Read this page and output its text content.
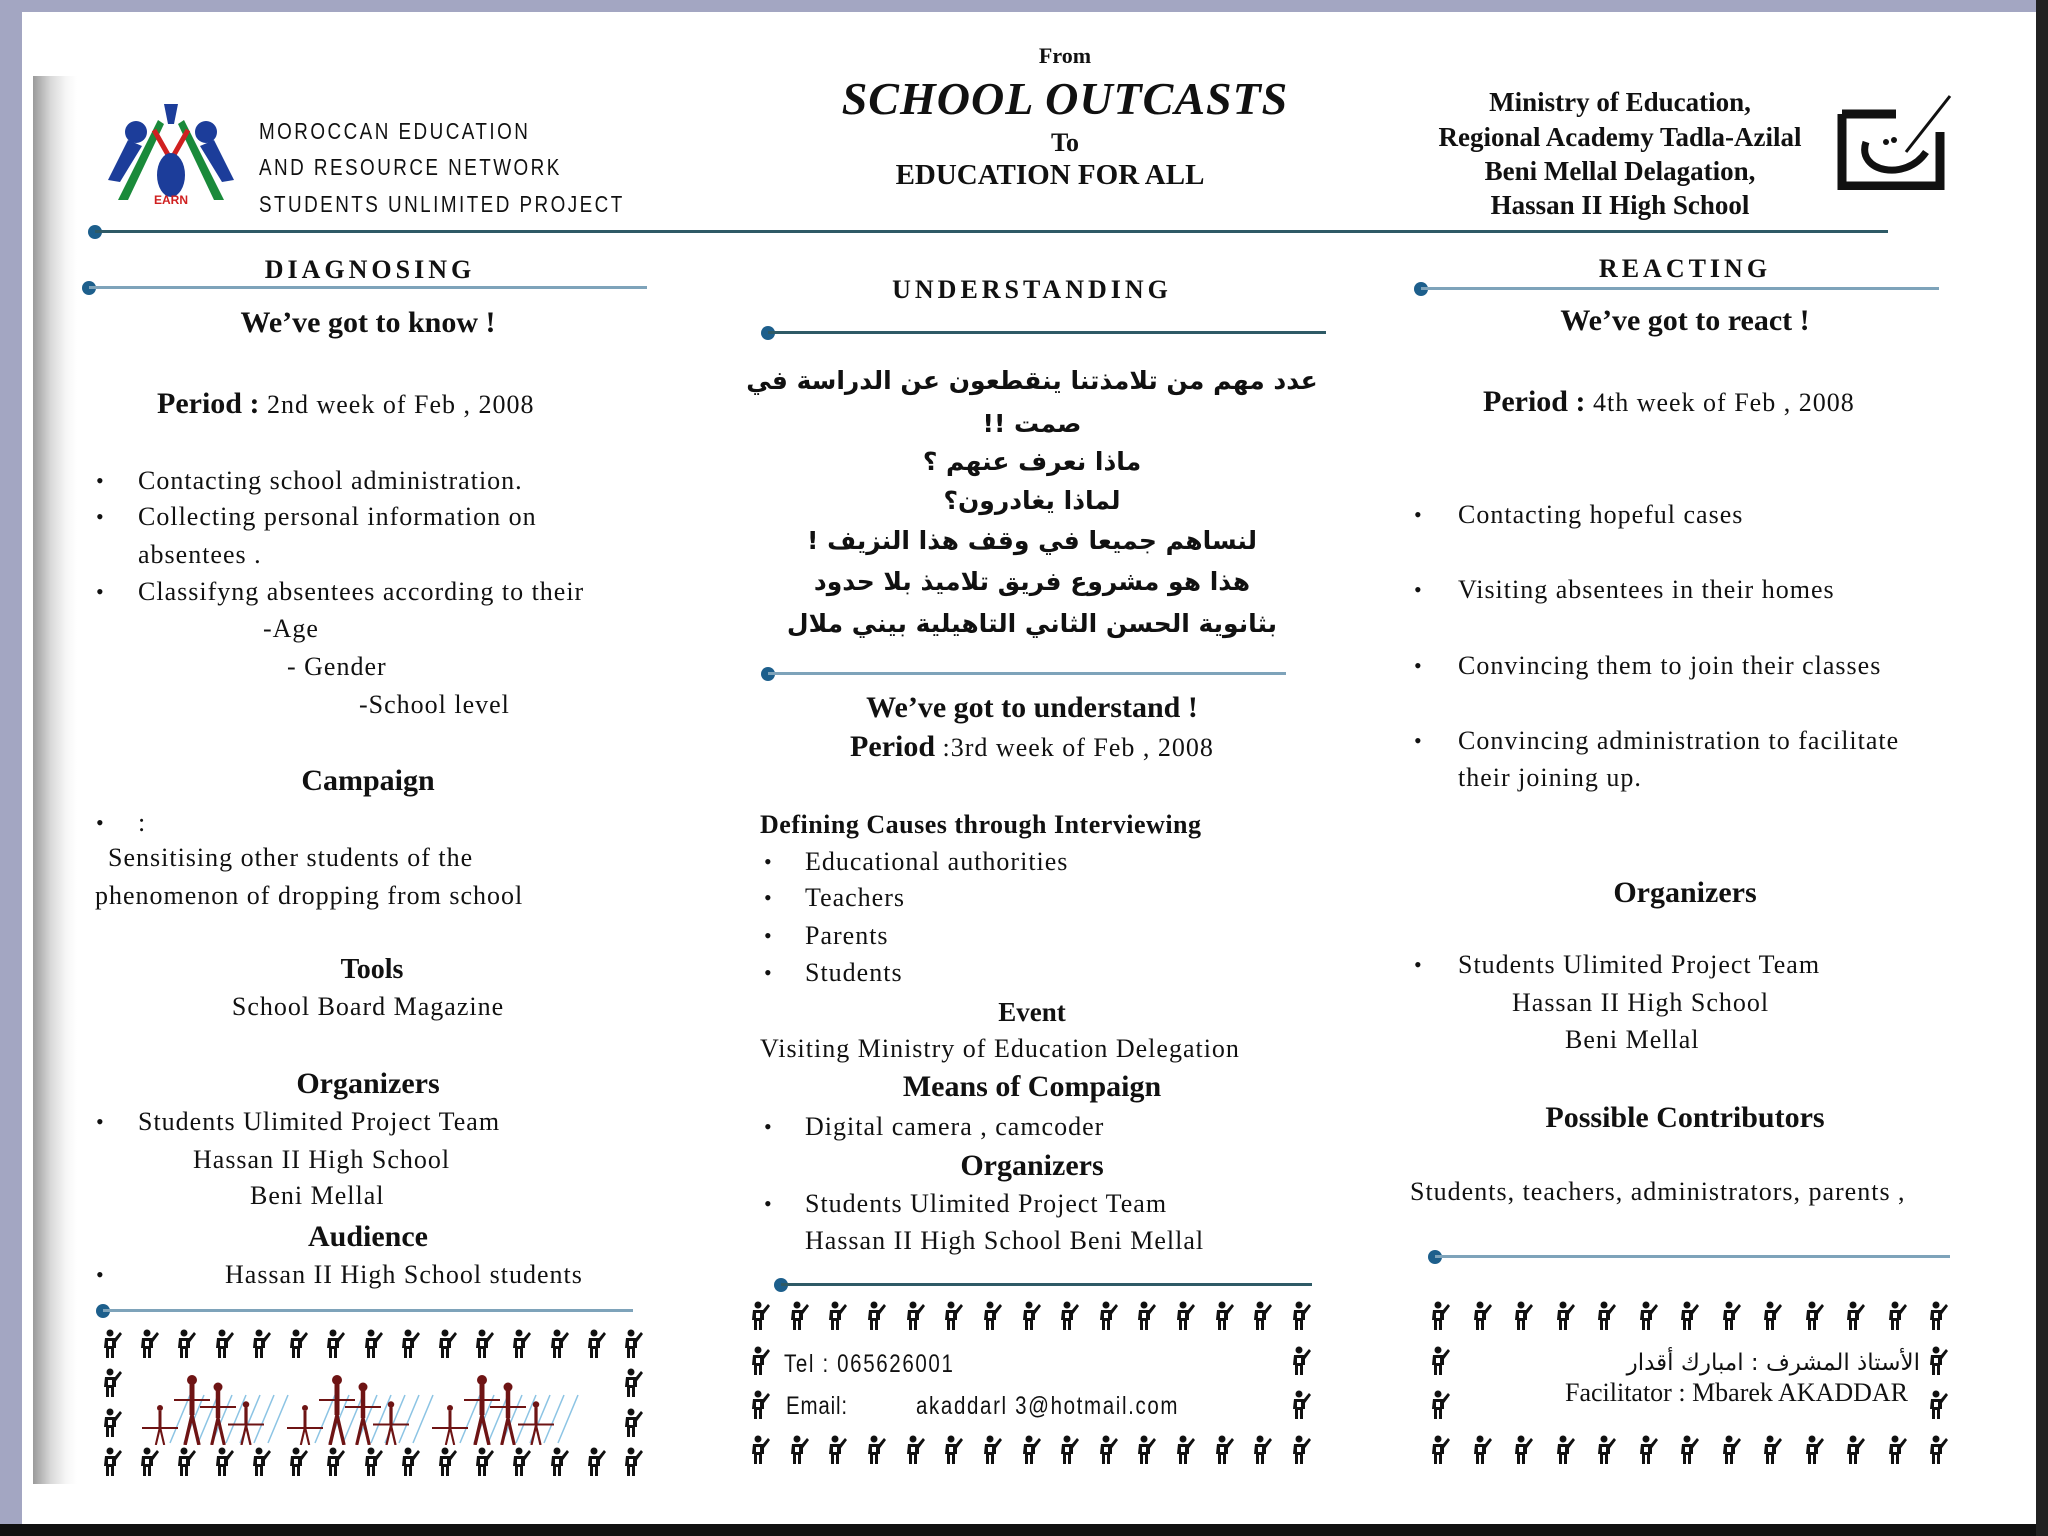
EARN
MOROCCAN EDUCATION
AND RESOURCE NETWORK
STUDENTS UNLIMITED PROJECT
From
SCHOOL OUTCASTS
To
EDUCATION FOR ALL
Ministry of Education,
Regional Academy Tadla-Azilal
Beni Mellal Delagation,
Hassan II High School
DIAGNOSING
We’ve got to know !
Period : 2nd week of Feb , 2008
• Contacting school administration.
• Collecting personal information on
absentees .
• Classifyng absentees according to their
-Age
- Gender
-School level
Campaign
• :
Sensitising other students of the
phenomenon of dropping from school
Tools
School Board Magazine
Organizers
• Students Ulimited Project Team
Hassan II High School
Beni Mellal
Audience
•	Hassan II High School students
UNDERSTANDING
عدد مهم من تلامذتنا ينقطعون عن الدراسة في
صمت !!
ماذا نعرف عنهم ؟
لماذا يغادرون؟
لنساهم جميعا في وقف هذا النزيف !
هذا هو مشروع فريق تلاميذ بلا حدود
بثانوية الحسن الثاني التاهيلية بيني ملال
We’ve got to understand !
Period :3rd week of Feb , 2008
Defining Causes through Interviewing
• Educational authorities
• Teachers
• Parents
• Students
Event
Visiting Ministry of Education Delegation
Means of Compaign
• Digital camera , camcoder
Organizers
• Students Ulimited Project Team
Hassan II High School Beni Mellal
Tel : 065626001
Email:	akaddarl 3@hotmail.com
REACTING
We’ve got to react !
Period : 4th week of Feb , 2008
• Contacting hopeful cases
• Visiting absentees in their homes
• Convincing them to join their classes
• Convincing administration to facilitate
their joining up.
Organizers
• Students Ulimited Project Team
Hassan II High School
Beni Mellal
Possible Contributors
Students, teachers, administrators, parents ,
الأستاذ المشرف : امبارك أقدار
Facilitator : Mbarek AKADDAR
